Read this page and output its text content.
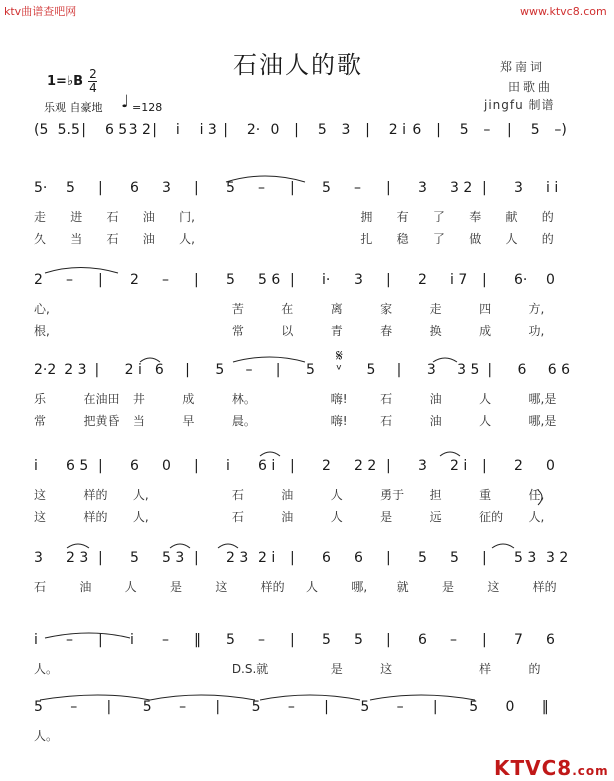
ktv曲谱查吧网	www.ktvc8.com
石油人的歌	郑南词
田歌曲
jingfu 制谱
1=♭B 2
4
乐观 自豪地 ♩ =128
(5 5.5 | 6 5 3 2 | i i 3 | 2· 0 | 5 3 | 2 i 6 | 5 – | 5 –)
5· 5 | 6 3 | 5 – | 5 – | 3 3 2 | 3 i i
走 进 石 油 门,	拥 有 了 奉 献 的
久 当 石 油 人,	扎 稳 了 做 人 的
2 – | 2 – | 5 5 6 | i· 3 | 2 i 7 | 6· 0
心,	苦	在	离	家	走	四	方,
根,	常	以	青	春	换	成	功,
2·2 2 3 | 2 i 6 | 5 – | 5 ᵛ 5 | 3 3 5 | 6 6 6
乐	在油田 井	成	林。	嗨!	石	油	人	哪,是
常	把黄昏 当	早	晨。	嗨!	石	油	人	哪,是
i 6 5 | 6 0 | i 6 i | 2 2 2 | 3 2 i | 2 0
这	样的 人,	石	油	人	勇于 担	重	任,
这	样的 人,	石	油	人	是	远	征的 人,
3 2 3 | 5 5 3 | 2 3 2 i | 6 6 | 5 5 | 5 3 3 2
石	油	人	是	这	样的 人	哪, 就	是	这	样的
i – | i – ‖ 5 – | 5 5 | 6 – | 7 6
人。	D.S.就	是	这	样	的
5 – | 5 – | 5 – | 5 – | 5 0 ‖
人。
𝄋
KTVC8.com
